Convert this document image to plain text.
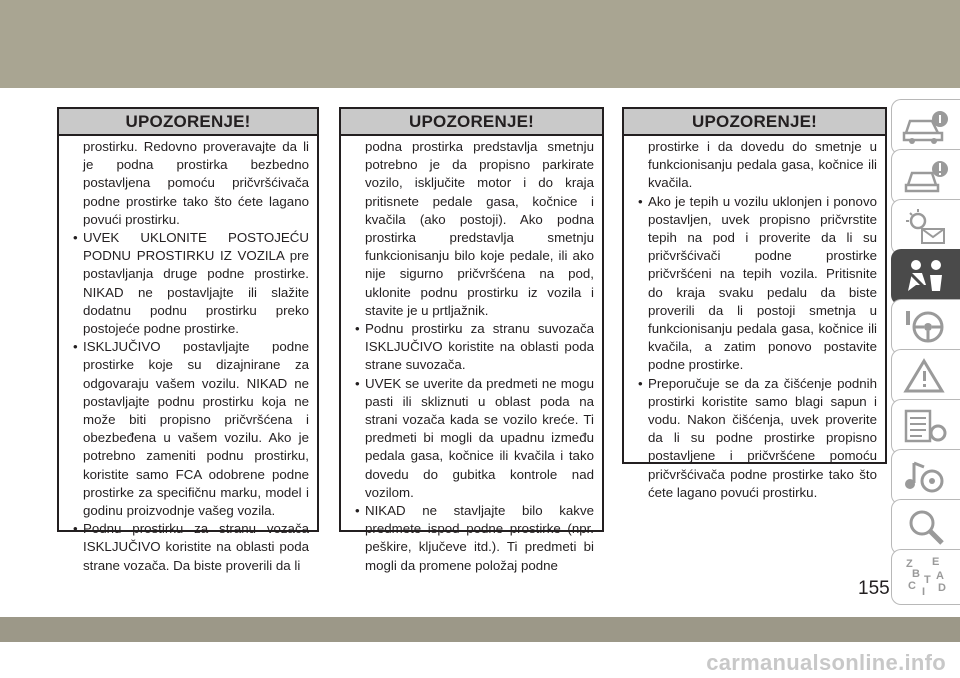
UPOZORENJE!

prostirku. Redovno proveravajte da li je podna prostirka bezbedno postavljena pomoću pričvršćivača podne prostirke tako što ćete lagano povući prostirku.

• UVEK UKLONITE POSTOJEĆU PODNU PROSTIRKU IZ VOZILA pre postavljanja druge podne prostirke. NIKAD ne postavljajte ili slažite dodatnu podnu prostirku preko postojeće podne prostirke.
• ISKLJUČIVO postavljajte podne prostirke koje su dizajnirane za odgovaraju vašem vozilu. NIKAD ne postavljajte podnu prostirku koja ne može biti propisno pričvršćena i obezbeđena u vašem vozilu. Ako je potrebno zameniti podnu prostirku, koristite samo FCA odobrene podne prostirke za specifičnu marku, model i godinu proizvodnje vašeg vozila.
• Podnu prostirku za stranu vozača ISKLJUČIVO koristite na oblasti poda strane vozača. Da biste proverili da li
UPOZORENJE!

podna prostirka predstavlja smetnju potrebno je da propisno parkirate vozilo, isključite motor i do kraja pritisnete pedale gasa, kočnice i kvačila (ako postoji). Ako podna prostirka predstavlja smetnju funkcionisanju bilo koje pedale, ili ako nije sigurno pričvršćena na pod, uklonite podnu prostirku iz vozila i stavite je u prtljažnik.

• Podnu prostirku za stranu suvozača ISKLJUČIVO koristite na oblasti poda strane suvozača.
• UVEK se uverite da predmeti ne mogu pasti ili skliznuti u oblast poda na strani vozača kada se vozilo kreće. Ti predmeti bi mogli da upadnu između pedala gasa, kočnice ili kvačila i tako dovedu do gubitka kontrole nad vozilom.
• NIKAD ne stavljajte bilo kakve predmete ispod podne prostirke (npr. peškire, ključeve itd.). Ti predmeti bi mogli da promene položaj podne
UPOZORENJE!

prostirke i da dovedu do smetnje u funkcionisanju pedala gasa, kočnice ili kvačila.

• Ako je tepih u vozilu uklonjen i ponovo postavljen, uvek propisno pričvrstite tepih na pod i proverite da li su pričvršćivači podne prostirke pričvršćeni na tepih vozila. Pritisnite do kraja svaku pedalu da biste proverili da li postoji smetnja u funkcionisanju pedala gasa, kočnice ili kvačila, a zatim ponovo postavite podne prostirke.
• Preporučuje se da za čišćenje podnih prostirki koristite samo blagi sapun i vodu. Nakon čišćenja, uvek proverite da li su podne prostirke propisno postavljene i pričvršćene pomoću pričvršćivača podne prostirke tako što ćete lagano povući prostirku.
Z E
B A
C D
I
T
155
carmanualsonline.info
